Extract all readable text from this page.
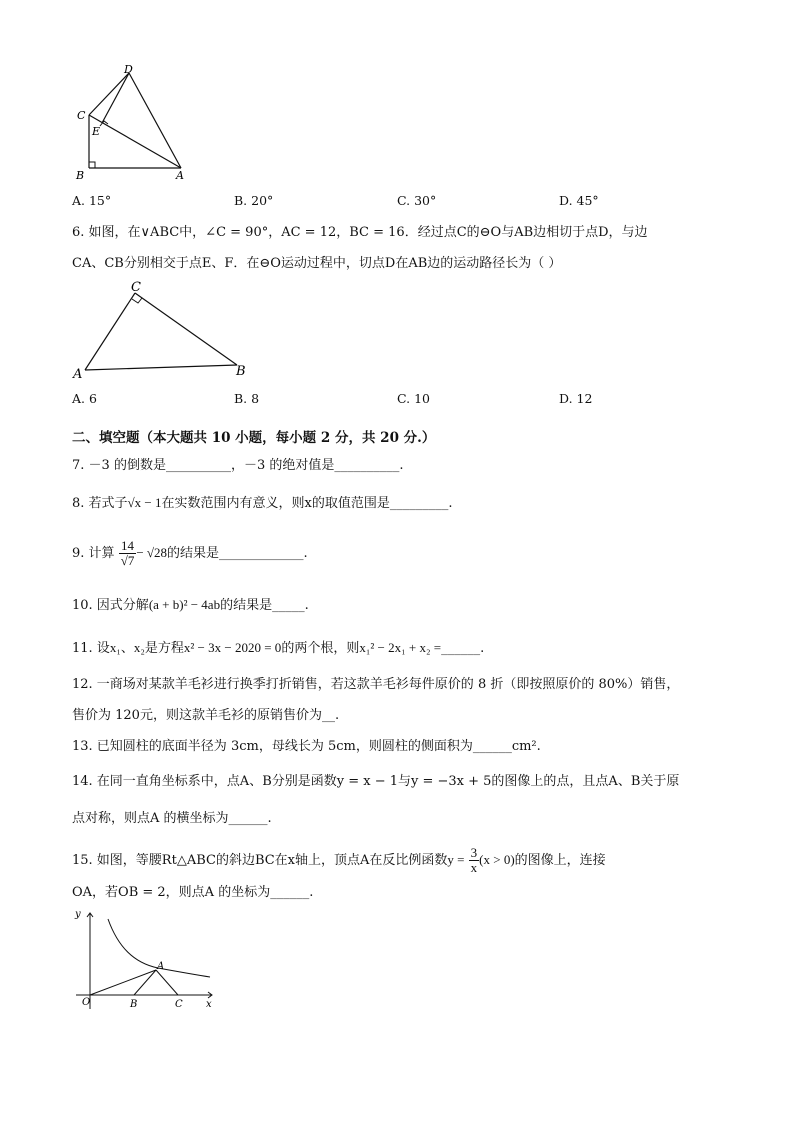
D
C
E
B	A
A. 15°	B. 20°	C. 30°	D. 45°
6. 如图，在∨ABC中，∠C = 90°，AC = 12，BC = 16．经过点C的⊖O与AB边相切于点D，与边
CA、CB分别相交于点E、F．在⊖O运动过程中，切点D在AB边的运动路径长为（ ）
C
A	B
A. 6	B. 8	C. 10	D. 12
二、填空题（本大题共 10 小题，每小题 2 分，共 20 分.）
7. －3 的倒数是__________，－3 的绝对值是__________.
8. 若式子√x − 1在实数范围内有意义，则x的取值范围是_________.
9. 计算 $\frac{14}{√7} - √28$的结果是_____________.
10. 因式分解(a + b)² − 4ab的结果是_____.
11. 设x₁、x₂是方程x² − 3x − 2020 = 0的两个根，则x₁² − 2x₁ + x₂ =______.
12. 一商场对某款羊毛衫进行换季打折销售，若这款羊毛衫每件原价的 8 折（即按照原价的 80%）销售，
售价为 120元，则这款羊毛衫的原销售价为__.
13. 已知圆柱的底面半径为 3cm，母线长为 5cm，则圆柱的侧面积为______cm².
14. 在同一直角坐标系中，点A、B分别是函数y = x − 1与y = −3x + 5的图像上的点，且点A、B关于原
点对称，则点A 的横坐标为______.
15. 如图，等腰Rt△ABC的斜边BC在x轴上，顶点A在反比例函数$y = \frac{3}{x} (x > 0)$的图像上，连接
OA，若OB = 2，则点A 的坐标为______.
y
A
O	B	C x
